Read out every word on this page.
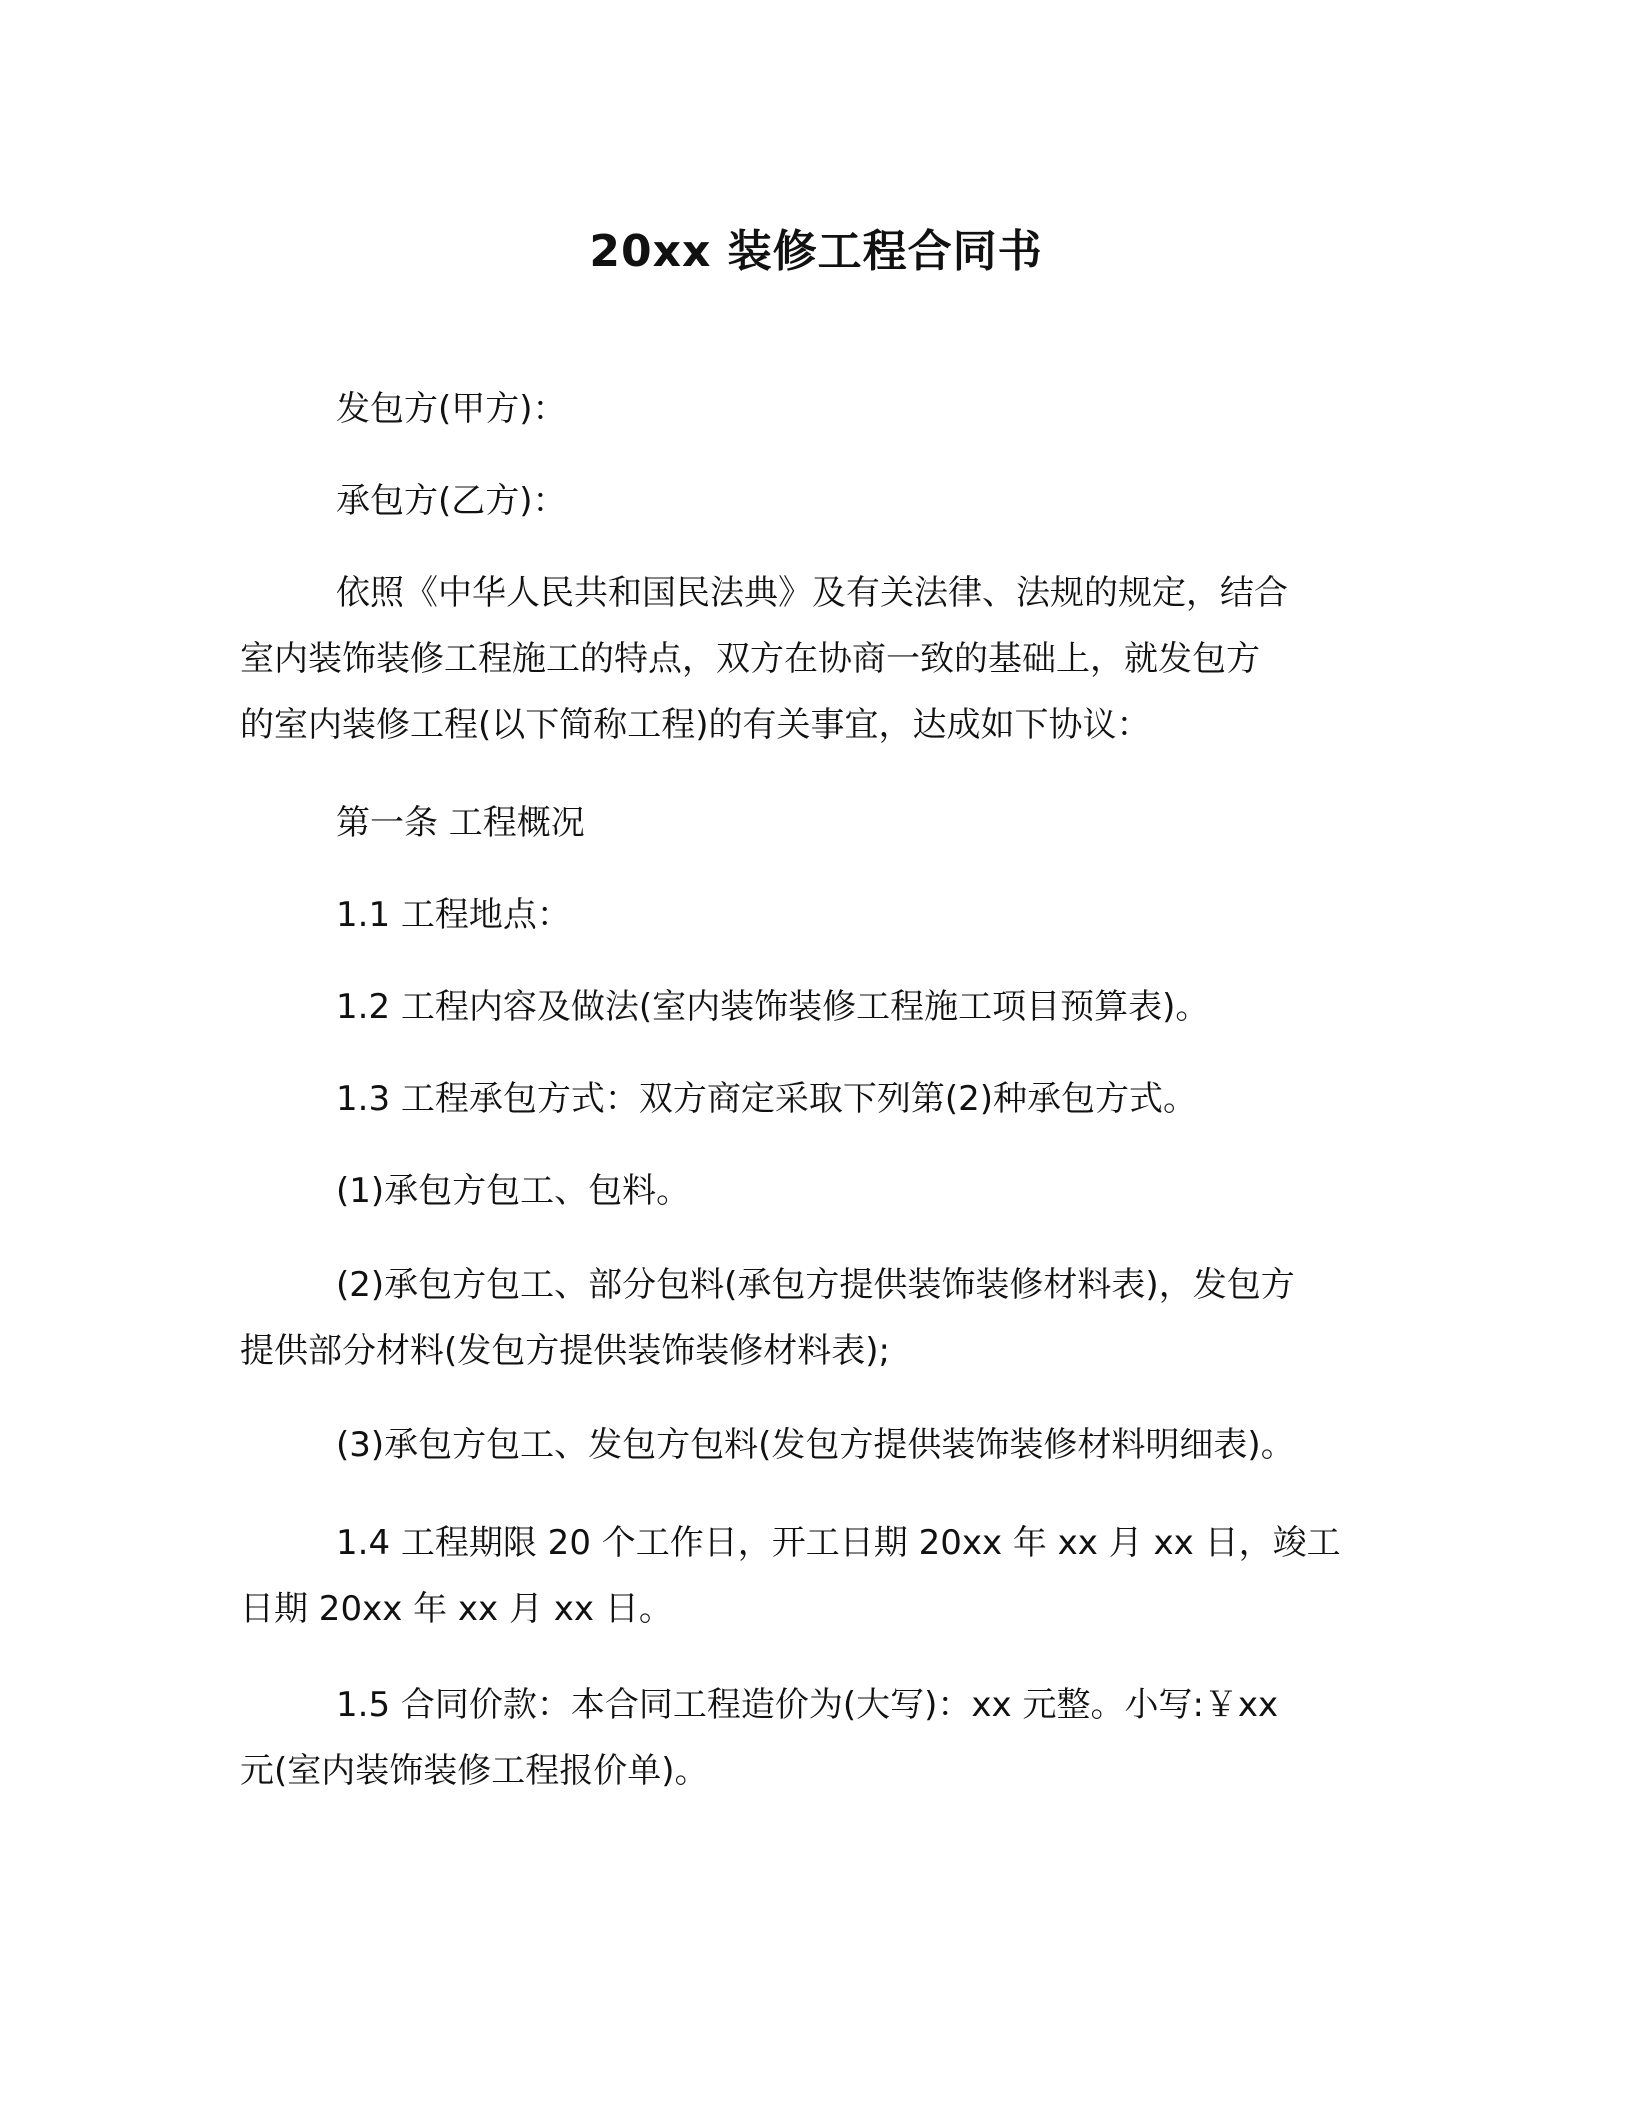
20xx 装修工程合同书

发包方(甲方)：

承包方(乙方)：

依照《中华人民共和国民法典》及有关法律、法规的规定，结合
室内装饰装修工程施工的特点，双方在协商一致的基础上，就发包方
的室内装修工程(以下简称工程)的有关事宜，达成如下协议：

第一条 工程概况

1.1 工程地点：

1.2 工程内容及做法(室内装饰装修工程施工项目预算表)。

1.3 工程承包方式：双方商定采取下列第(2)种承包方式。

(1)承包方包工、包料。

(2)承包方包工、部分包料(承包方提供装饰装修材料表)，发包方
提供部分材料(发包方提供装饰装修材料表);

(3)承包方包工、发包方包料(发包方提供装饰装修材料明细表)。

1.4 工程期限 20 个工作日，开工日期 20xx 年 xx 月 xx 日，竣工
日期 20xx 年 xx 月 xx 日。
1.5 合同价款：本合同工程造价为(大写)：xx 元整。小写:￥xx
元(室内装饰装修工程报价单)。
